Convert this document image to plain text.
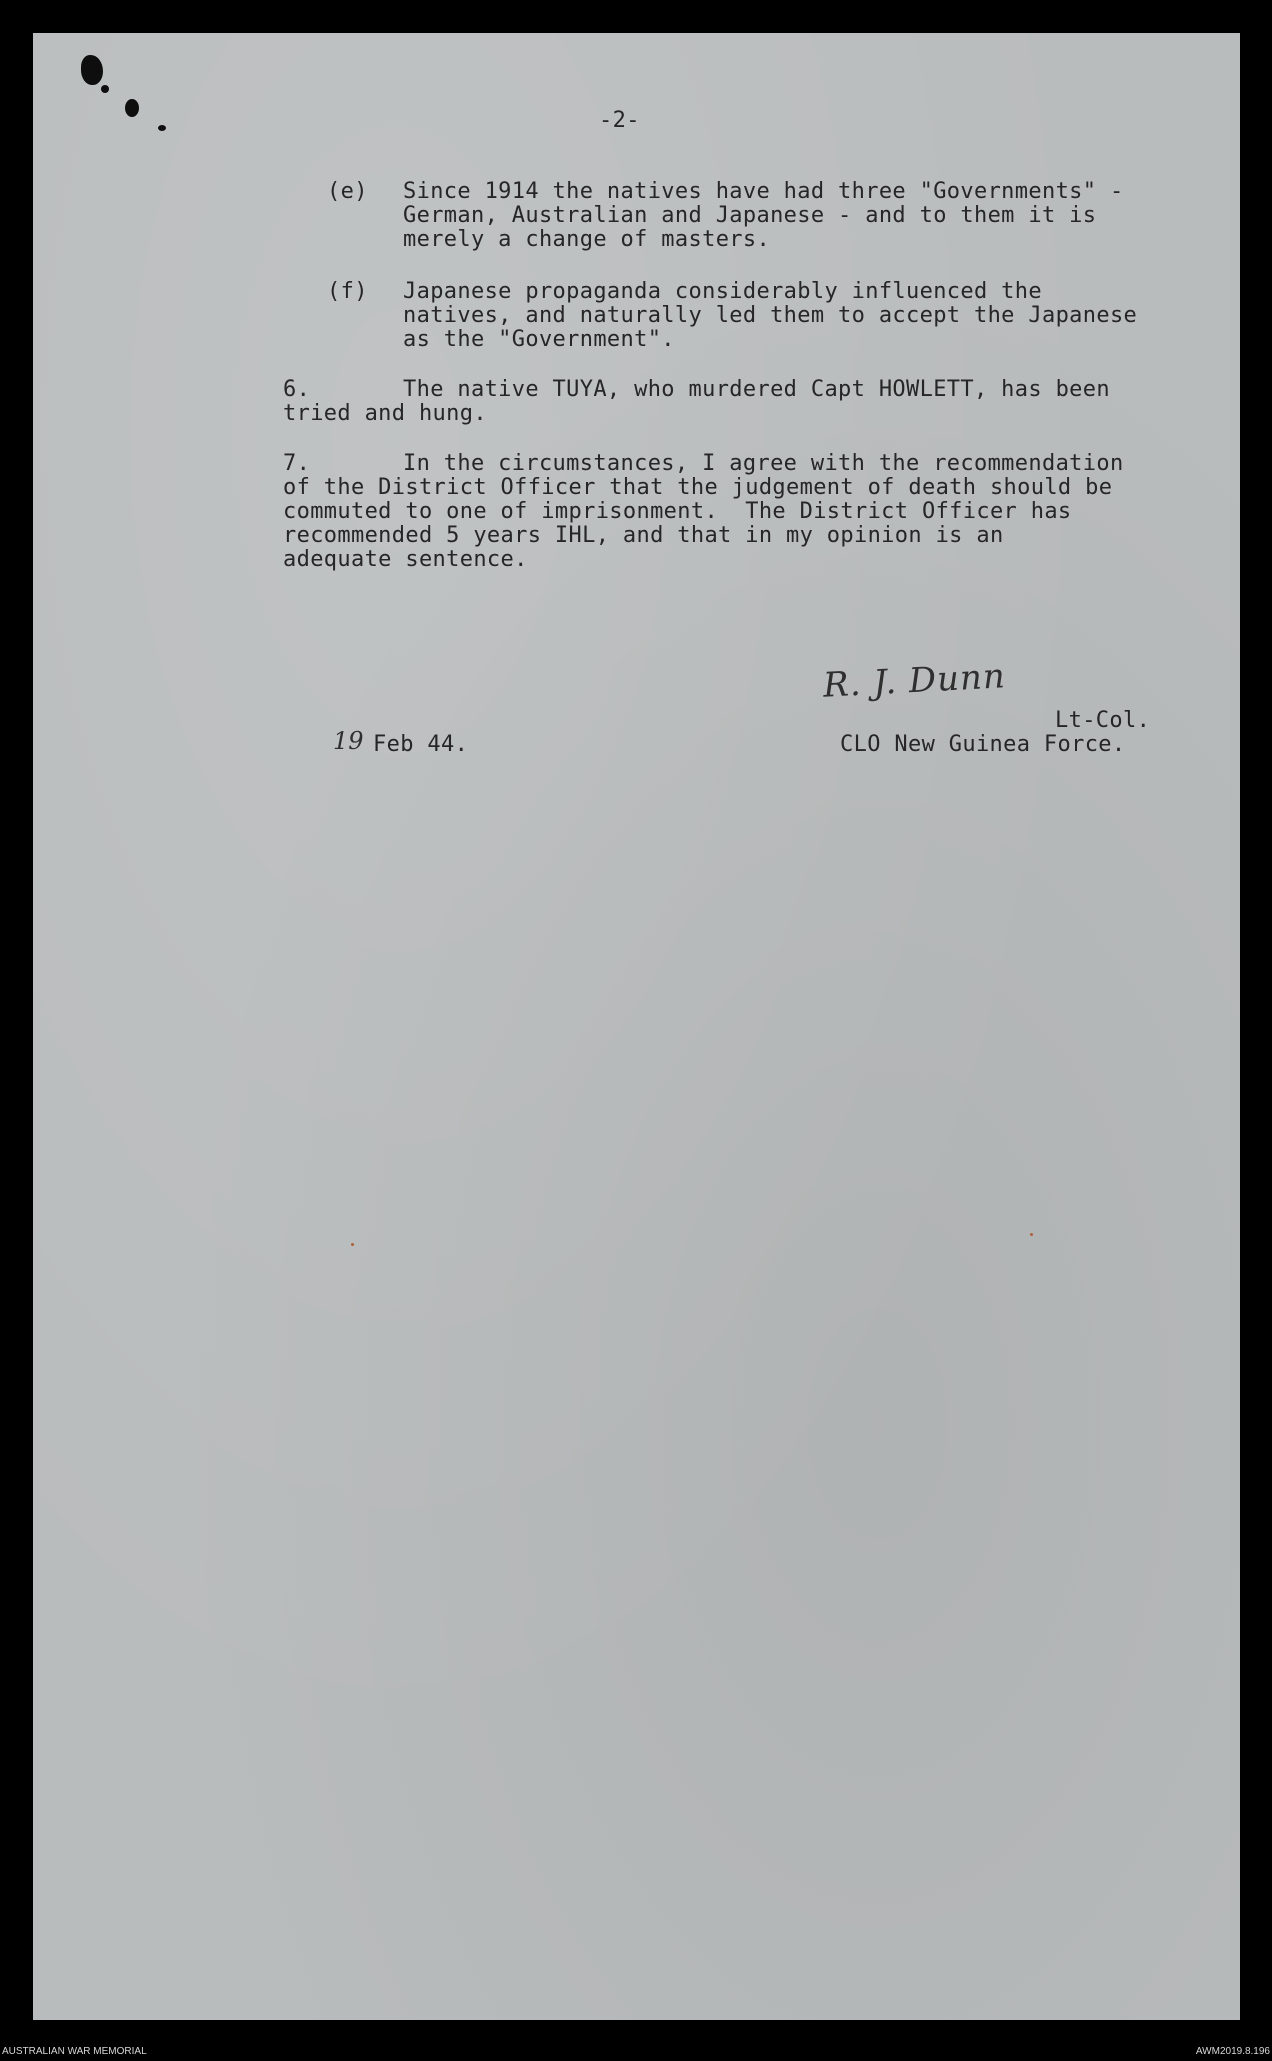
-2-

(e) Since 1914 the natives have had three "Governments" -

German, Australian and Japanese - and to them it is

merely a change of masters.

(f) Japanese propaganda considerably influenced the

natives, and naturally led them to accept the Japanese

as the "Government".

6.	The native TUYA, who murdered Capt HOWLETT, has been

tried and hung.

7.	In the circumstances, I agree with the recommendation

of the District Officer that the judgement of death should be

commuted to one of imprisonment.  The District Officer has

recommended 5 years IHL, and that in my opinion is an

adequate sentence.

R. J. Dunn

Lt-Col.

CLO New Guinea Force.

19 Feb 44.

AUSTRALIAN WAR MEMORIAL	AWM2019.8.196
